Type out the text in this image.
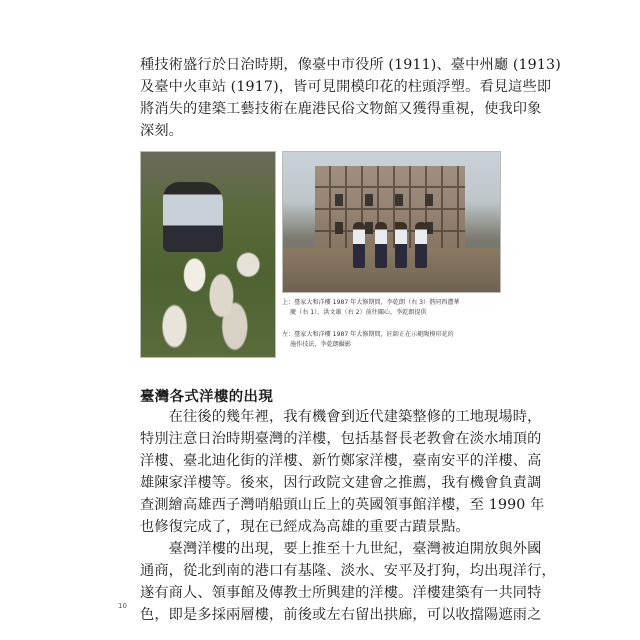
種技術盛行於日治時期，像臺中市役所 (1911)、臺中州廳 (1913)
及臺中火車站 (1917)，皆可見開模印花的柱頭浮塑。看見這些即
將消失的建築工藝技術在鹿港民俗文物館又獲得重視，使我印象
深刻。
上：臺家大和洋樓 1987 年大修期間，李乾朗（右 3）偕同西灃華
　 慶（右 1）、洪文雄（右 2）前往關心，李乾朗提供
左：臺家大和洋樓 1987 年大修期間，匠師正在示範陶模印花的
　 施作技法，李乾朗攝影
臺灣各式洋樓的出現
　　在往後的幾年裡，我有機會到近代建築整修的工地現場時，
特別注意日治時期臺灣的洋樓，包括基督長老教會在淡水埔頂的
洋樓、臺北迪化街的洋樓、新竹鄭家洋樓，臺南安平的洋樓、高
雄陳家洋樓等。後來，因行政院文建會之推薦，我有機會負責調
查測繪高雄西子灣哨船頭山丘上的英國領事館洋樓，至 1990 年
也修復完成了，現在已經成為高雄的重要古蹟景點。
　　臺灣洋樓的出現，要上推至十九世紀，臺灣被迫開放與外國
通商，從北到南的港口有基隆、淡水、安平及打狗，均出現洋行，
遂有商人、領事館及傳教士所興建的洋樓。洋樓建築有一共同特
色，即是多採兩層樓，前後或左右留出拱廊，可以收擋陽遮雨之
10
